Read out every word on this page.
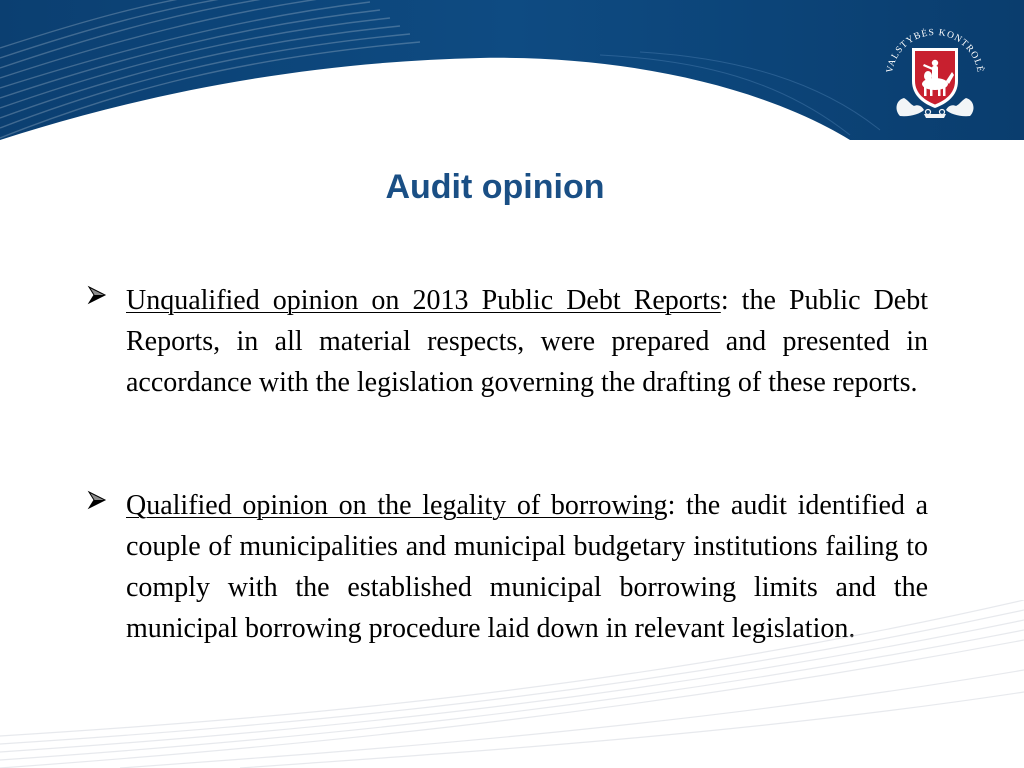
VALSTYBĖS KONTROLĖ
Audit opinion
Unqualified opinion on 2013 Public Debt Reports: the Public Debt Reports, in all material respects, were prepared and presented in accordance with the legislation governing the drafting of these reports.
Qualified opinion on the legality of borrowing: the audit identified a couple of municipalities and municipal budgetary institutions failing to comply with the established municipal borrowing limits and the municipal borrowing procedure laid down in relevant legislation.
